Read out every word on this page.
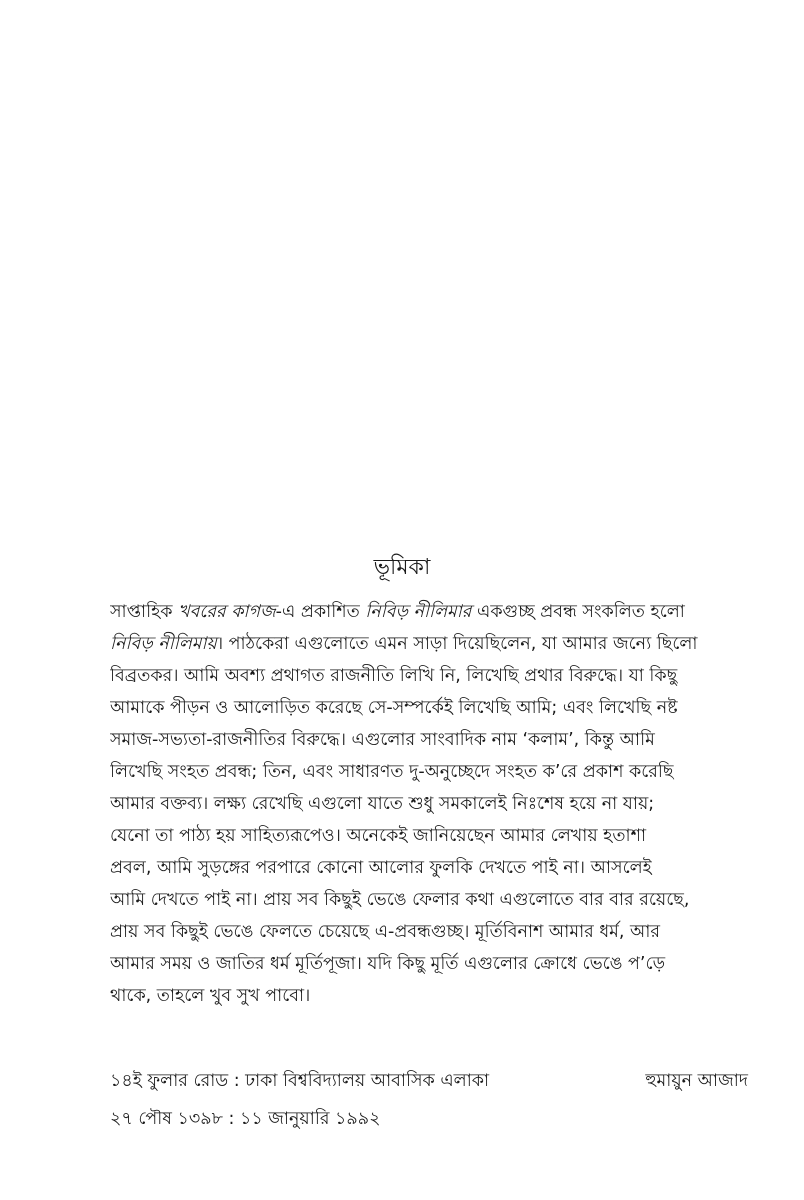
ভূমিকা
সাপ্তাহিক খবরের কাগজ-এ প্রকাশিত নিবিড় নীলিমার একগুচ্ছ প্রবন্ধ সংকলিত হলো
নিবিড় নীলিমায়। পাঠকেরা এগুলোতে এমন সাড়া দিয়েছিলেন, যা আমার জন্যে ছিলো
বিব্রতকর। আমি অবশ্য প্রথাগত রাজনীতি লিখি নি, লিখেছি প্রথার বিরুদ্ধে। যা কিছু
আমাকে পীড়ন ও আলোড়িত করেছে সে-সম্পর্কেই লিখেছি আমি; এবং লিখেছি নষ্ট
সমাজ-সভ্যতা-রাজনীতির বিরুদ্ধে। এগুলোর সাংবাদিক নাম ‘কলাম’, কিন্তু আমি
লিখেছি সংহত প্রবন্ধ; তিন, এবং সাধারণত দু-অনুচ্ছেদে সংহত ক’রে প্রকাশ করেছি
আমার বক্তব্য। লক্ষ্য রেখেছি এগুলো যাতে শুধু সমকালেই নিঃশেষ হয়ে না যায়;
যেনো তা পাঠ্য হয় সাহিত্যরূপেও। অনেকেই জানিয়েছেন আমার লেখায় হতাশা
প্রবল, আমি সুড়ঙ্গের পরপারে কোনো আলোর ফুলকি দেখতে পাই না। আসলেই
আমি দেখতে পাই না। প্রায় সব কিছুই ভেঙে ফেলার কথা এগুলোতে বার বার রয়েছে,
প্রায় সব কিছুই ভেঙে ফেলতে চেয়েছে এ-প্রবন্ধগুচ্ছ। মূর্তিবিনাশ আমার ধর্ম, আর
আমার সময় ও জাতির ধর্ম মূর্তিপূজা। যদি কিছু মূর্তি এগুলোর ক্রোধে ভেঙে প’ড়ে
থাকে, তাহলে খুব সুখ পাবো।
১৪ই ফুলার রোড : ঢাকা বিশ্ববিদ্যালয় আবাসিক এলাকা
২৭ পৌষ ১৩৯৮ : ১১ জানুয়ারি ১৯৯২
হুমায়ুন আজাদ
